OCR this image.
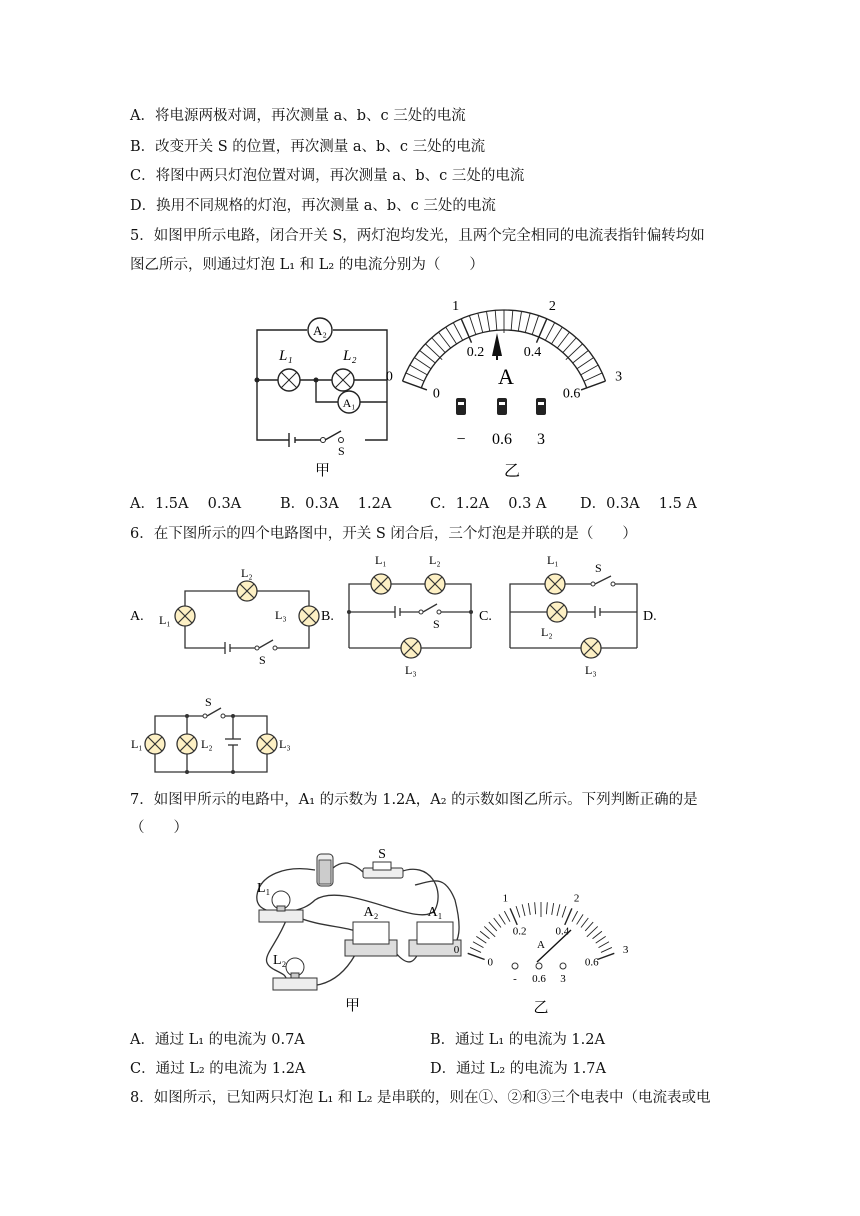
A．将电源两极对调，再次测量 a、b、c 三处的电流
B．改变开关 S 的位置，再次测量 a、b、c 三处的电流
C．将图中两只灯泡位置对调，再次测量 a、b、c 三处的电流
D．换用不同规格的灯泡，再次测量 a、b、c 三处的电流
5．如图甲所示电路，闭合开关 S，两灯泡均发光，且两个完全相同的电流表指针偏转均如
图乙所示，则通过灯泡 L₁ 和 L₂ 的电流分别为（　　）
A₂
A₁
L₁	L₂
S
甲
0
1	2
3
0
0.2	0.4
0.6
A
− 0.6 3
乙
A．1.5A　 0.3A	B．0.3A　 1.2A	C．1.2A　 0.3 A D．0.3A　 1.5 A
6．在下图所示的四个电路图中，开关 S 闭合后，三个灯泡是并联的是（　　）
A.
L₂
L₁	L₃
S
B.
L₁	L₂
S
L₃
C.
L₁
S
L₂
L₃
D.
L₁	L₂	L₃
S
7．如图甲所示的电路中，A₁ 的示数为 1.2A，A₂ 的示数如图乙所示。下列判断正确的是
（　　）
S
L₁
L₂
A₂	A₁
甲
0
1	2
3
0
0.2	0.4
0.6
A
- 0.6 3
乙
A．通过 L₁ 的电流为 0.7A	B．通过 L₁ 的电流为 1.2A
C．通过 L₂ 的电流为 1.2A	D．通过 L₂ 的电流为 1.7A
8．如图所示，已知两只灯泡 L₁ 和 L₂ 是串联的，则在①、②和③三个电表中（电流表或电
